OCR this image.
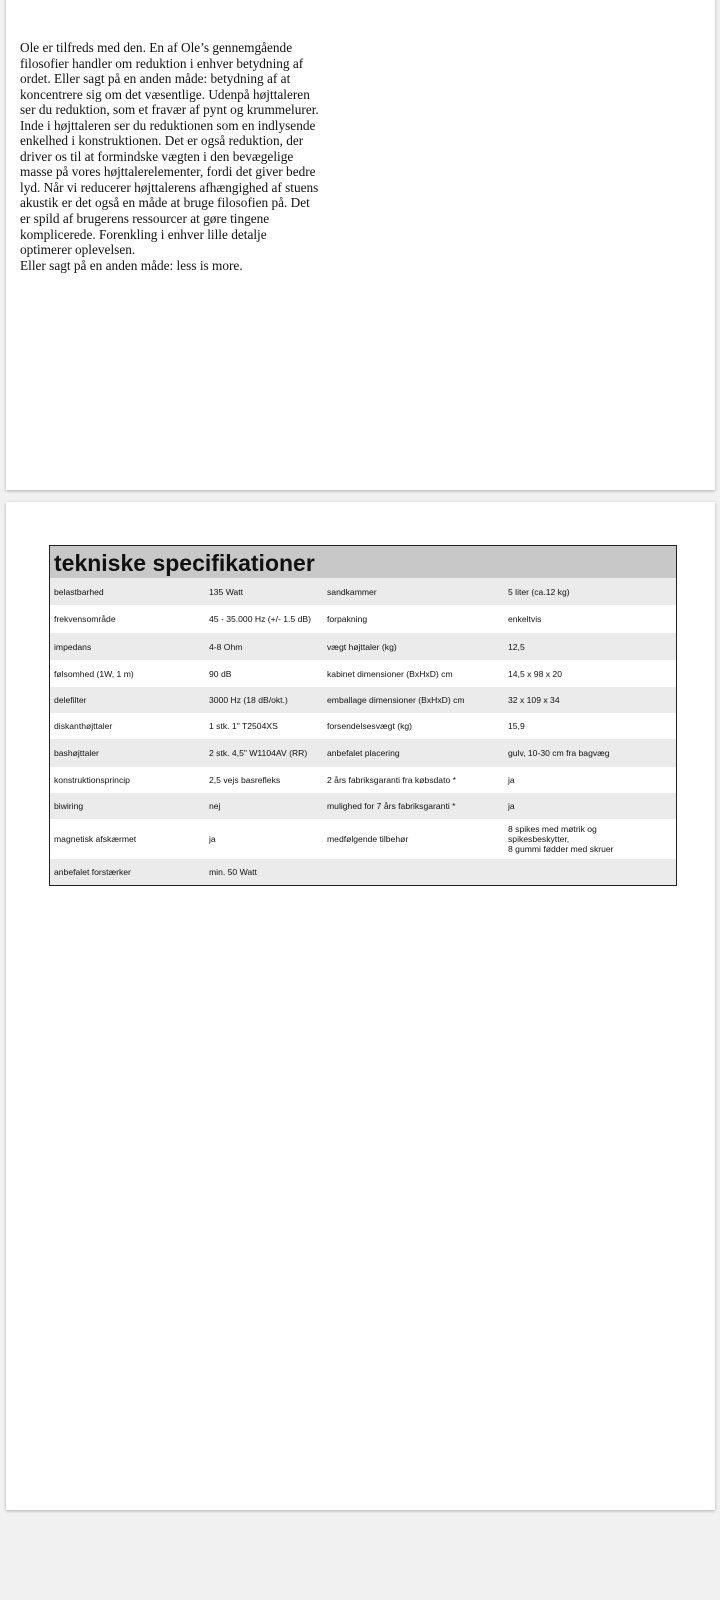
Ole er tilfreds med den. En af Ole’s gennemgående filosofier handler om reduktion i enhver betydning af ordet. Eller sagt på en anden måde: betydning af at koncentrere sig om det væsentlige. Udenpå højttaleren ser du reduktion, som et fravær af pynt og krummelurer. Inde i højttaleren ser du reduktionen som en indlysende enkelhed i konstruktionen. Det er også reduktion, der driver os til at formindske vægten i den bevægelige masse på vores højttalerelementer, fordi det giver bedre lyd. Når vi reducerer højttalerens afhængighed af stuens akustik er det også en måde at bruge filosofien på. Det er spild af brugerens ressourcer at gøre tingene komplicerede. Forenkling i enhver lille detalje optimerer oplevelsen.

Eller sagt på en anden måde: less is more.

tekniske specifikationer
belastbarhed	135 Watt	sandkammer	5 liter (ca.12 kg)
frekvensområde	45 - 35.000 Hz (+/- 1.5 dB)	forpakning	enkeltvis
impedans	4-8 Ohm	vægt højttaler (kg)	12,5
følsomhed (1W, 1 m)	90 dB	kabinet dimensioner (BxHxD) cm	14,5 x 98 x 20
delefilter	3000 Hz (18 dB/okt.)	emballage dimensioner (BxHxD) cm	32 x 109 x 34
diskanthøjttaler	1 stk. 1" T2504XS	forsendelsesvægt (kg)	15,9
bashøjttaler	2 stk. 4,5" W1104AV (RR)	anbefalet placering	gulv, 10-30 cm fra bagvæg
konstruktionsprincip	2,5 vejs basrefleks	2 års fabriksgaranti fra købsdato *	ja
biwiring	nej	mulighed for 7 års fabriksgaranti *	ja
magnetisk afskærmet	ja	medfølgende tilbehør
8 spikes med møtrik og
spikesbeskytter,
8 gummi fødder med skruer
anbefalet forstærker	min. 50 Watt
